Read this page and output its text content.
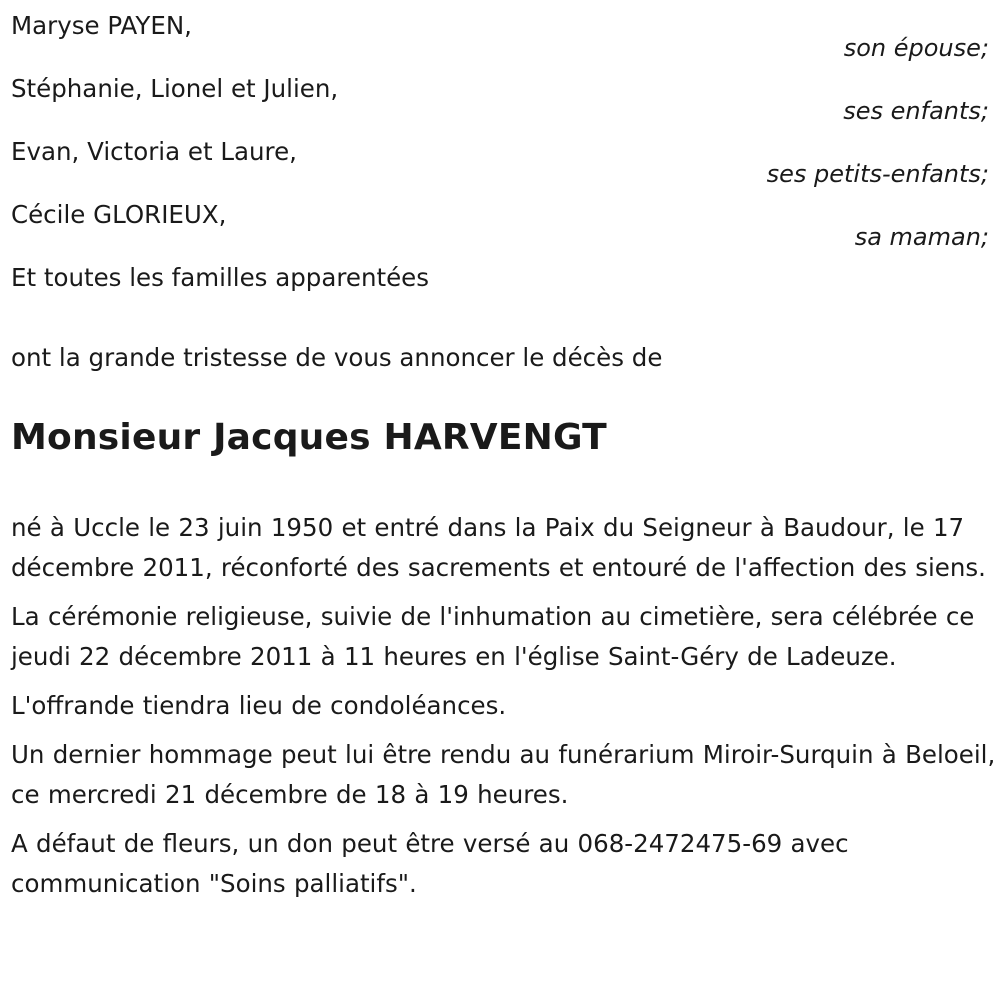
Maryse PAYEN,
son épouse;
Stéphanie, Lionel et Julien,
ses enfants;
Evan, Victoria et Laure,
ses petits-enfants;
Cécile GLORIEUX,
sa maman;
Et toutes les familles apparentées
ont la grande tristesse de vous annoncer le décès de
Monsieur Jacques HARVENGT

né à Uccle le 23 juin 1950 et entré dans la Paix du Seigneur à Baudour, le 17 décembre 2011, réconforté des sacrements et entouré de l'affection des siens.

La cérémonie religieuse, suivie de l'inhumation au cimetière, sera célébrée ce jeudi 22 décembre 2011 à 11 heures en l'église Saint-Géry de Ladeuze.

L'offrande tiendra lieu de condoléances.

Un dernier hommage peut lui être rendu au funérarium Miroir-Surquin à Beloeil, ce mercredi 21 décembre de 18 à 19 heures.

A défaut de fleurs, un don peut être versé au 068-2472475-69 avec communication "Soins palliatifs".
